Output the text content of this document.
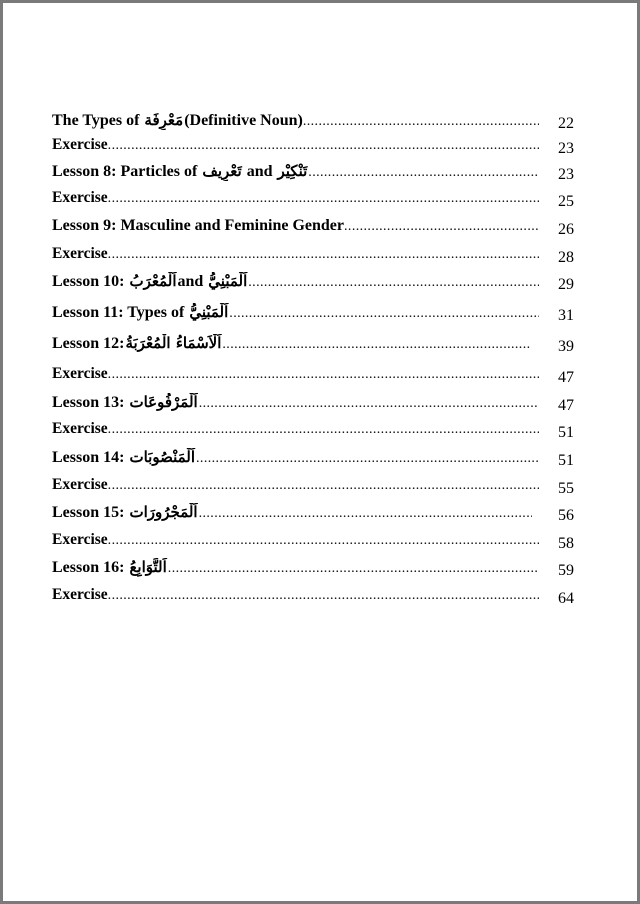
The Types of مَعْرِفَة(Definitive Noun) .....	22
Exercise .....	23
Lesson 8: Particles of تَعْرِيف and تَنْكِيْر .....	23
Exercise .....	25
Lesson 9: Masculine and Feminine Gender .....	26
Exercise .....	28
Lesson 10: اَلْمُعْرَبُand اَلْمَبْنِيُّ .....	29
Lesson 11: Types of اَلْمَبْنِيُّ .....	31
Lesson 12:اَلْاَسْمَاءُ الْمُعْرَبَةُ .....	39
Exercise .....	47
Lesson 13: اَلْمَرْفُوعَات .....	47
Exercise .....	51
Lesson 14: اَلْمَنْصُوبَات .....	51
Exercise .....	55
Lesson 15: اَلْمَجْرُورَات .....	56
Exercise .....	58
Lesson 16: اَلتَّوَابِعُ .....	59
Exercise .....	64
